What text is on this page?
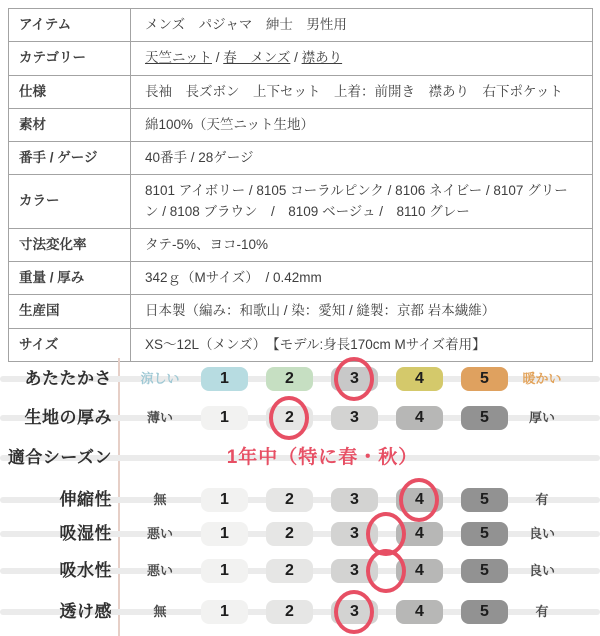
アイテム	メンズ　パジャマ　紳士　男性用
カテゴリー	天竺ニット / 春　メンズ / 襟あり
仕様	長袖　長ズボン　上下セット　上着：前開き　襟あり　右下ポケット
素材	綿100%（天竺ニット生地）
番手 / ゲージ	40番手 / 28ゲージ
カラー	8101 アイボリー / 8105 コーラルピンク / 8106 ネイビー / 8107 グリーン / 8108 ブラウン　/　8109 ベージュ /　8110 グレー
寸法変化率	タテ-5%、ヨコ-10%
重量 / 厚み	342ｇ（Mサイズ）　/ 0.42mm
生産国	日本製（編み：和歌山 / 染：愛知 / 縫製：京都 岩本繊維）
サイズ	XS～12L（メンズ）　【モデル:身長170cm Mサイズ着用】
あたたかさ	涼しい	1	2	3	4	5	暖かい
生地の厚み	薄い	1	2	3	4	5	厚い
適合シーズン	1年中（特に春・秋）
伸縮性	無	1	2	3	4	5	有
吸湿性	悪い	1	2	3	4	5	良い
吸水性	悪い	1	2	3	4	5	良い
透け感	無	1	2	3	4	5	有
